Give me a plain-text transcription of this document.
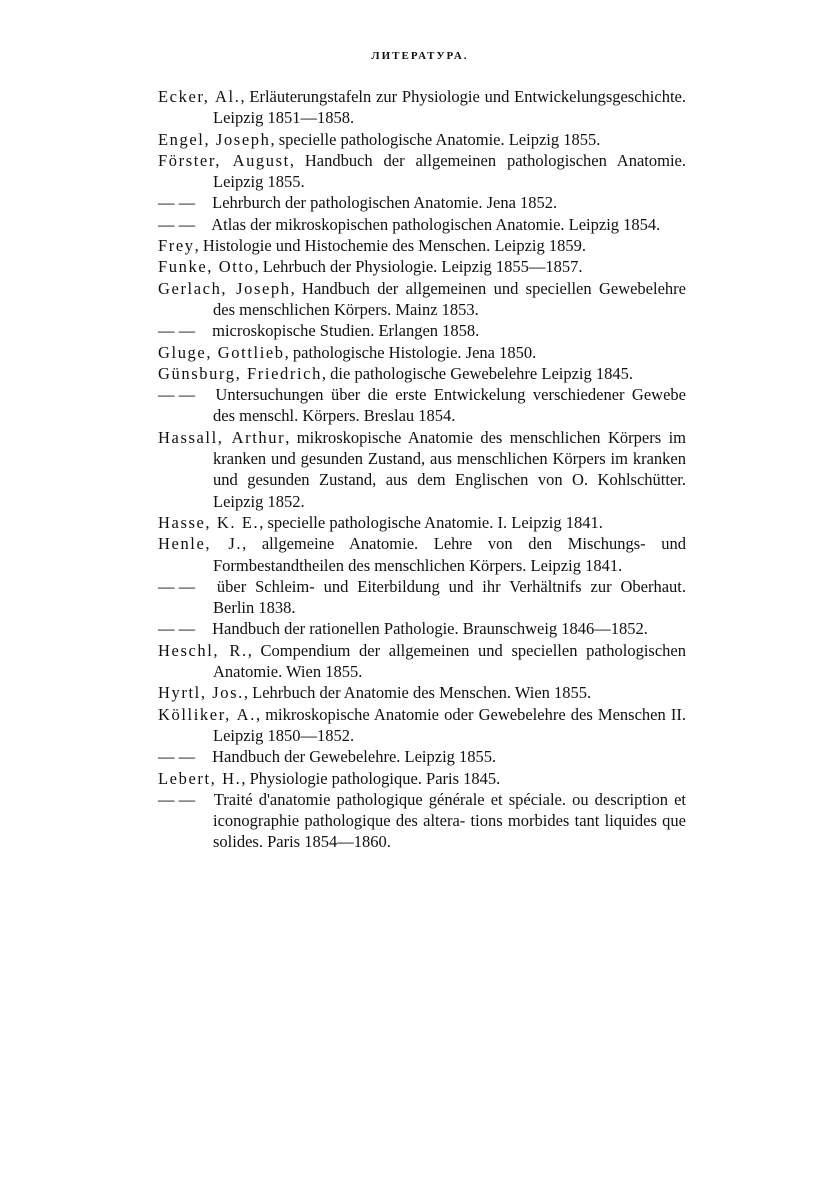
ЛИТЕРАТУРА.

Ecker, Al., Erläuterungstafeln zur Physiologie und Entwickelungsgeschichte. Leipzig 1851—1858.

Engel, Joseph, specielle pathologische Anatomie. Leipzig 1855.

Förster, August, Handbuch der allgemeinen pathologischen Anatomie. Leipzig 1855.

— — Lehrburch der pathologischen Anatomie. Jena 1852.

— — Atlas der mikroskopischen pathologischen Anatomie. Leipzig 1854.

Frey, Histologie und Histochemie des Menschen. Leipzig 1859.

Funke, Otto, Lehrbuch der Physiologie. Leipzig 1855—1857.

Gerlach, Joseph, Handbuch der allgemeinen und speciellen Gewebelehre des menschlichen Körpers. Mainz 1853.

— — microskopische Studien. Erlangen 1858.

Gluge, Gottlieb, pathologische Histologie. Jena 1850.

Günsburg, Friedrich, die pathologische Gewebelehre Leipzig 1845.

— — Untersuchungen über die erste Entwickelung verschiedener Gewebe des menschl. Körpers. Breslau 1854.

Hassall, Arthur, mikroskopische Anatomie des menschlichen Körpers im kranken und gesunden Zustand, aus menschlichen Körpers im kranken und gesunden Zustand, aus dem Englischen von O. Kohlschütter. Leipzig 1852.

Hasse, K. E., specielle pathologische Anatomie. I. Leipzig 1841.

Henle, J., allgemeine Anatomie. Lehre von den Mischungs- und Formbestandtheilen des menschlichen Körpers. Leipzig 1841.

— — über Schleim- und Eiterbildung und ihr Verhältnifs zur Oberhaut. Berlin 1838.

— — Handbuch der rationellen Pathologie. Braunschweig 1846—1852.

Heschl, R., Compendium der allgemeinen und speciellen pathologischen Anatomie. Wien 1855.

Hyrtl, Jos., Lehrbuch der Anatomie des Menschen. Wien 1855.

Kölliker, A., mikroskopische Anatomie oder Gewebelehre des Menschen II. Leipzig 1850—1852.

— — Handbuch der Gewebelehre. Leipzig 1855.

Lebert, H., Physiologie pathologique. Paris 1845.

— — Traité d'anatomie pathologique générale et spéciale. ou description et iconographie pathologique des altera- tions morbides tant liquides que solides. Paris 1854—1860.
